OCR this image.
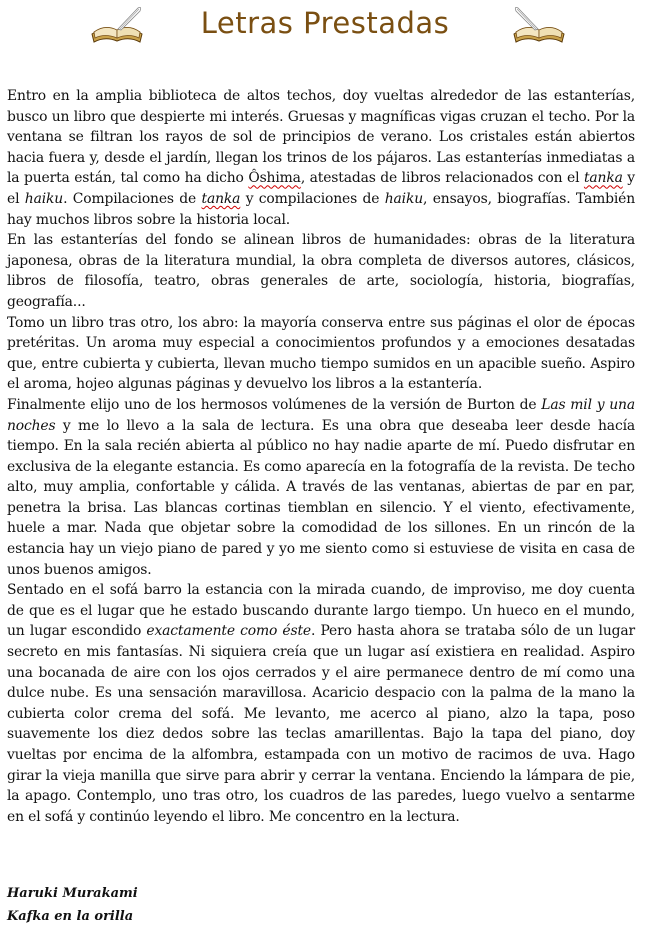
Letras Prestadas

Entro en la amplia biblioteca de altos techos, doy vueltas alrededor de las estanterías, busco un libro que despierte mi interés. Gruesas y magníficas vigas cruzan el techo. Por la ventana se filtran los rayos de sol de principios de verano. Los cristales están abiertos hacia fuera y, desde el jardín, llegan los trinos de los pájaros. Las estanterías inmediatas a la puerta están, tal como ha dicho Ôshima, atestadas de libros relacionados con el tanka y el haiku. Compilaciones de tanka y compilaciones de haiku, ensayos, biografías. También hay muchos libros sobre la historia local.

En las estanterías del fondo se alinean libros de humanidades: obras de la literatura japonesa, obras de la literatura mundial, la obra completa de diversos autores, clásicos, libros de filosofía, teatro, obras generales de arte, sociología, historia, biografías, geografía...

Tomo un libro tras otro, los abro: la mayoría conserva entre sus páginas el olor de épocas pretéritas. Un aroma muy especial a conocimientos profundos y a emociones desatadas que, entre cubierta y cubierta, llevan mucho tiempo sumidos en un apacible sueño. Aspiro el aroma, hojeo algunas páginas y devuelvo los libros a la estantería.

Finalmente elijo uno de los hermosos volúmenes de la versión de Burton de Las mil y una noches y me lo llevo a la sala de lectura. Es una obra que deseaba leer desde hacía tiempo. En la sala recién abierta al público no hay nadie aparte de mí. Puedo disfrutar en exclusiva de la elegante estancia. Es como aparecía en la fotografía de la revista. De techo alto, muy amplia, confortable y cálida. A través de las ventanas, abiertas de par en par, penetra la brisa. Las blancas cortinas tiemblan en silencio. Y el viento, efectivamente, huele a mar. Nada que objetar sobre la comodidad de los sillones. En un rincón de la estancia hay un viejo piano de pared y yo me siento como si estuviese de visita en casa de unos buenos amigos.

Sentado en el sofá barro la estancia con la mirada cuando, de improviso, me doy cuenta de que es el lugar que he estado buscando durante largo tiempo. Un hueco en el mundo, un lugar escondido exactamente como éste. Pero hasta ahora se trataba sólo de un lugar secreto en mis fantasías. Ni siquiera creía que un lugar así existiera en realidad. Aspiro una bocanada de aire con los ojos cerrados y el aire permanece dentro de mí como una dulce nube. Es una sensación maravillosa. Acaricio despacio con la palma de la mano la cubierta color crema del sofá. Me levanto, me acerco al piano, alzo la tapa, poso suavemente los diez dedos sobre las teclas amarillentas. Bajo la tapa del piano, doy vueltas por encima de la alfombra, estampada con un motivo de racimos de uva. Hago girar la vieja manilla que sirve para abrir y cerrar la ventana. Enciendo la lámpara de pie, la apago. Contemplo, uno tras otro, los cuadros de las paredes, luego vuelvo a sentarme en el sofá y continúo leyendo el libro. Me concentro en la lectura.

Haruki Murakami
Kafka en la orilla
